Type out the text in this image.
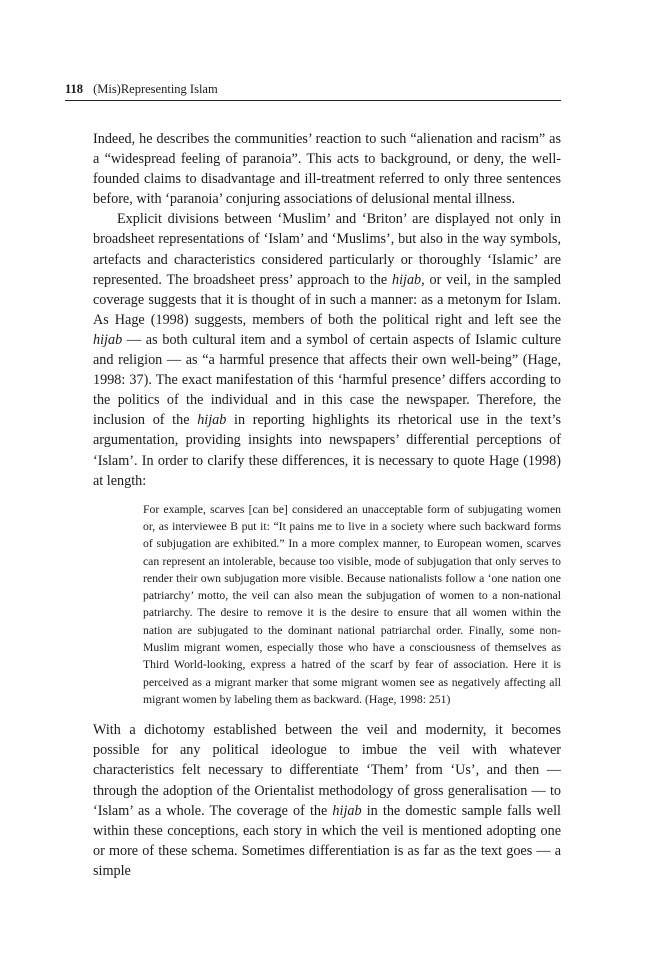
118 (Mis)Representing Islam

Indeed, he describes the communities’ reaction to such “alienation and racism” as a “widespread feeling of paranoia”. This acts to background, or deny, the well-founded claims to disadvantage and ill-treatment referred to only three sentences before, with ‘paranoia’ conjuring associations of delusional mental illness.

Explicit divisions between ‘Muslim’ and ‘Briton’ are displayed not only in broadsheet representations of ‘Islam’ and ‘Muslims’, but also in the way symbols, artefacts and characteristics considered particularly or thoroughly ‘Islamic’ are represented. The broadsheet press’ approach to the hijab, or veil, in the sampled coverage suggests that it is thought of in such a manner: as a metonym for Islam. As Hage (1998) suggests, members of both the political right and left see the hijab — as both cultural item and a symbol of certain aspects of Islamic culture and religion — as “a harmful presence that affects their own well-being” (Hage, 1998: 37). The exact manifestation of this ‘harmful presence’ differs according to the politics of the individual and in this case the newspaper. Therefore, the inclusion of the hijab in reporting highlights its rhetorical use in the text’s argumentation, providing insights into newspapers’ differential perceptions of ‘Islam’. In order to clarify these differences, it is necessary to quote Hage (1998) at length:

For example, scarves [can be] considered an unacceptable form of subjugating women or, as interviewee B put it: “It pains me to live in a society where such backward forms of subjugation are exhibited.” In a more complex manner, to European women, scarves can represent an intolerable, because too visible, mode of subjugation that only serves to render their own subjugation more visible. Because nationalists follow a ‘one nation one patriarchy’ motto, the veil can also mean the subjugation of women to a non-national patriarchy. The desire to remove it is the desire to ensure that all women within the nation are subjugated to the dominant national patriarchal order. Finally, some non-Muslim migrant women, especially those who have a consciousness of themselves as Third World-looking, express a hatred of the scarf by fear of association. Here it is perceived as a migrant marker that some migrant women see as negatively affecting all migrant women by labeling them as backward. (Hage, 1998: 251)

With a dichotomy established between the veil and modernity, it becomes possible for any political ideologue to imbue the veil with whatever characteristics felt necessary to differentiate ‘Them’ from ‘Us’, and then — through the adoption of the Orientalist methodology of gross generalisation — to ‘Islam’ as a whole. The coverage of the hijab in the domestic sample falls well within these conceptions, each story in which the veil is mentioned adopting one or more of these schema. Sometimes differentiation is as far as the text goes — a simple
